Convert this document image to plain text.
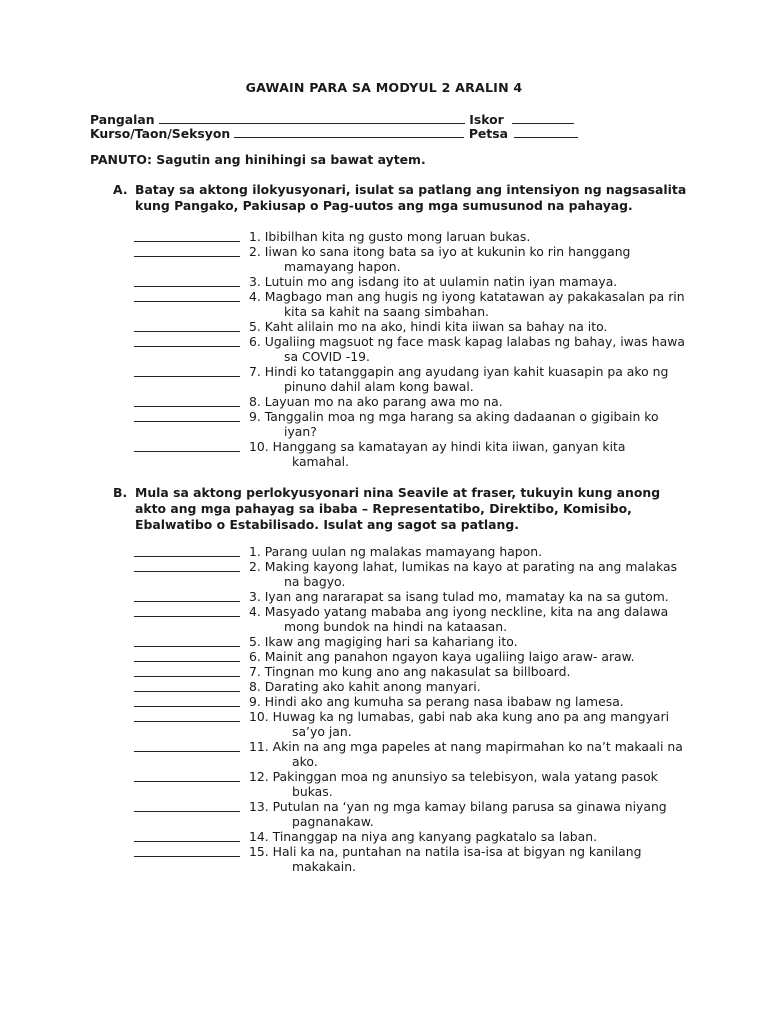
GAWAIN PARA SA MODYUL 2 ARALIN 4
Pangalan	Iskor
Kurso/Taon/Seksyon	Petsa
PANUTO: Sagutin ang hinihingi sa bawat aytem.
A. Batay sa aktong ilokyusyonari, isulat sa patlang ang intensiyon ng nagsasalita kung Pangako, Pakiusap o Pag-uutos ang mga sumusunod na pahayag.
1. Ibibilhan kita ng gusto mong laruan bukas.
2. Iiwan ko sana itong bata sa iyo at kukunin ko rin hanggang
mamayang hapon.
3. Lutuin mo ang isdang ito at uulamin natin iyan mamaya.
4. Magbago man ang hugis ng iyong katatawan ay pakakasalan pa rin
kita sa kahit na saang simbahan.
5. Kaht alilain mo na ako, hindi kita iiwan sa bahay na ito.
6. Ugaliing magsuot ng face mask kapag lalabas ng bahay, iwas hawa
sa COVID -19.
7. Hindi ko tatanggapin ang ayudang iyan kahit kuasapin pa ako ng
pinuno dahil alam kong bawal.
8. Layuan mo na ako parang awa mo na.
9. Tanggalin moa ng mga harang sa aking dadaanan o gigibain ko
iyan?
10. Hanggang sa kamatayan ay hindi kita iiwan, ganyan kita
kamahal.
B. Mula sa aktong perlokyusyonari nina Seavile at fraser, tukuyin kung anong akto ang mga pahayag sa ibaba – Representatibo, Direktibo, Komisibo, Ebalwatibo o Estabilisado. Isulat ang sagot sa patlang.
1. Parang uulan ng malakas mamayang hapon.
2. Making kayong lahat, lumikas na kayo at parating na ang malakas
na bagyo.
3. Iyan ang nararapat sa isang tulad mo, mamatay ka na sa gutom.
4. Masyado yatang mababa ang iyong neckline, kita na ang dalawa
mong bundok na hindi na kataasan.
5. Ikaw ang magiging hari sa kahariang ito.
6. Mainit ang panahon ngayon kaya ugaliing laigo araw- araw.
7. Tingnan mo kung ano ang nakasulat sa billboard.
8. Darating ako kahit anong manyari.
9. Hindi ako ang kumuha sa perang nasa ibabaw ng lamesa.
10. Huwag ka ng lumabas, gabi nab aka kung ano pa ang mangyari
sa’yo jan.
11. Akin na ang mga papeles at nang mapirmahan ko na’t makaali na
ako.
12. Pakinggan moa ng anunsiyo sa telebisyon, wala yatang pasok
bukas.
13. Putulan na ‘yan ng mga kamay bilang parusa sa ginawa niyang
pagnanakaw.
14. Tinanggap na niya ang kanyang pagkatalo sa laban.
15. Hali ka na, puntahan na natila isa-isa at bigyan ng kanilang
makakain.
